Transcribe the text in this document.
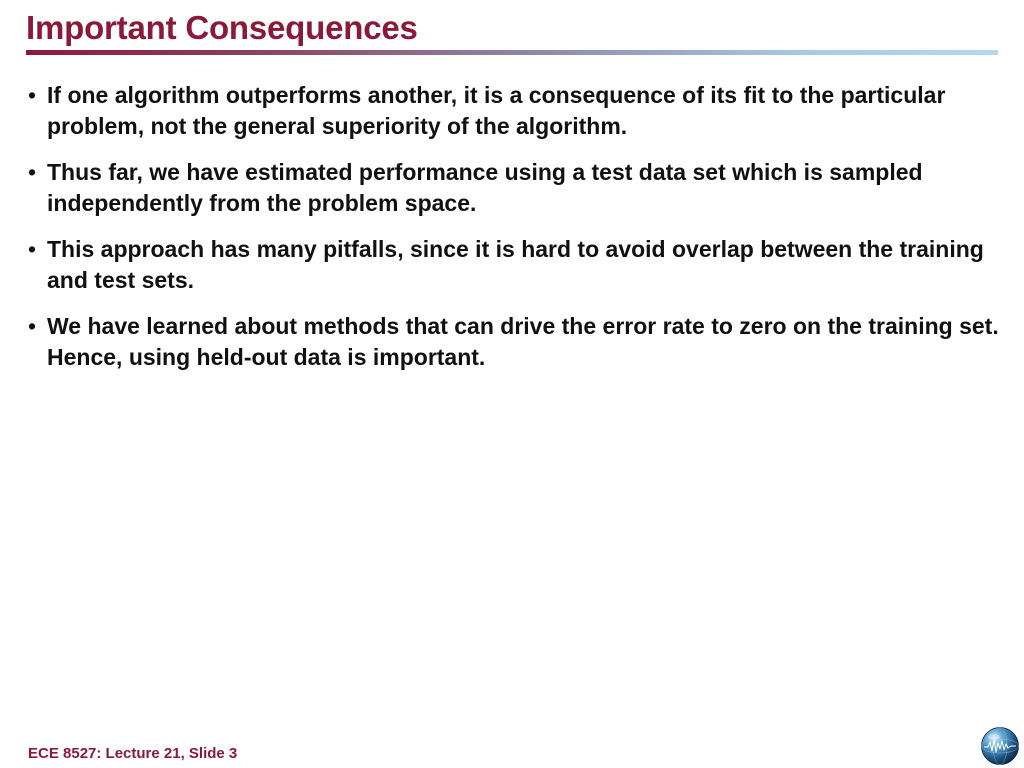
Important Consequences
• If one algorithm outperforms another, it is a consequence of its fit to the particular problem, not the general superiority of the algorithm.
• Thus far, we have estimated performance using a test data set which is sampled independently from the problem space.
• This approach has many pitfalls, since it is hard to avoid overlap between the training and test sets.
• We have learned about methods that can drive the error rate to zero on the training set. Hence, using held-out data is important.
ECE 8527: Lecture 21, Slide 3
